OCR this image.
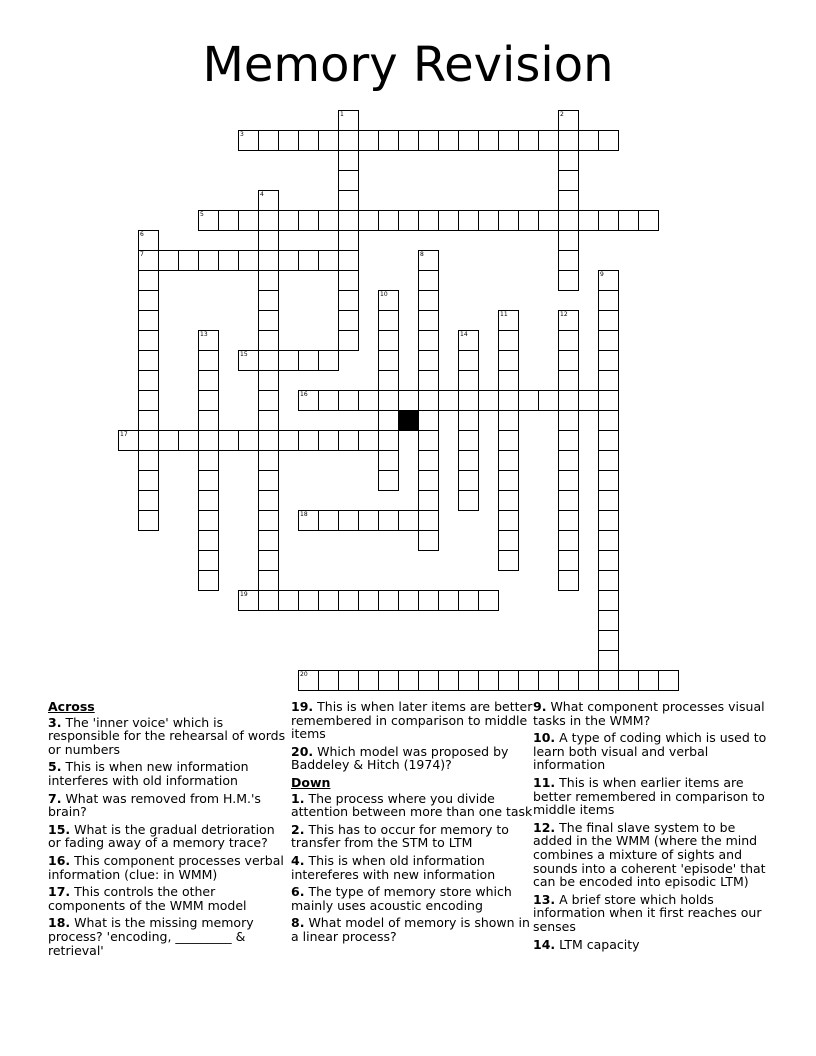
Memory Revision
1	2
3
4
5
6
7	8
9
10
11	12
13	14
15
16
17
18
19
20
Across

3. The 'inner voice' which is responsible for the rehearsal of words or numbers

5. This is when new information interferes with old information

7. What was removed from H.M.'s brain?

15. What is the gradual detrioration or fading away of a memory trace?

16. This component processes verbal information (clue: in WMM)

17. This controls the other components of the WMM model

18. What is the missing memory process? 'encoding, _________ & retrieval'

19. This is when later items are better remembered in comparison to middle items

20. Which model was proposed by Baddeley & Hitch (1974)?

Down

1. The process where you divide attention between more than one task

2. This has to occur for memory to transfer from the STM to LTM

4. This is when old information intereferes with new information

6. The type of memory store which mainly uses acoustic encoding

8. What model of memory is shown in a linear process?

9. What component processes visual tasks in the WMM?

10. A type of coding which is used to learn both visual and verbal information

11. This is when earlier items are better remembered in comparison to middle items

12. The final slave system to be added in the WMM (where the mind combines a mixture of sights and sounds into a coherent 'episode' that can be encoded into episodic LTM)

13. A brief store which holds information when it first reaches our senses

14. LTM capacity
